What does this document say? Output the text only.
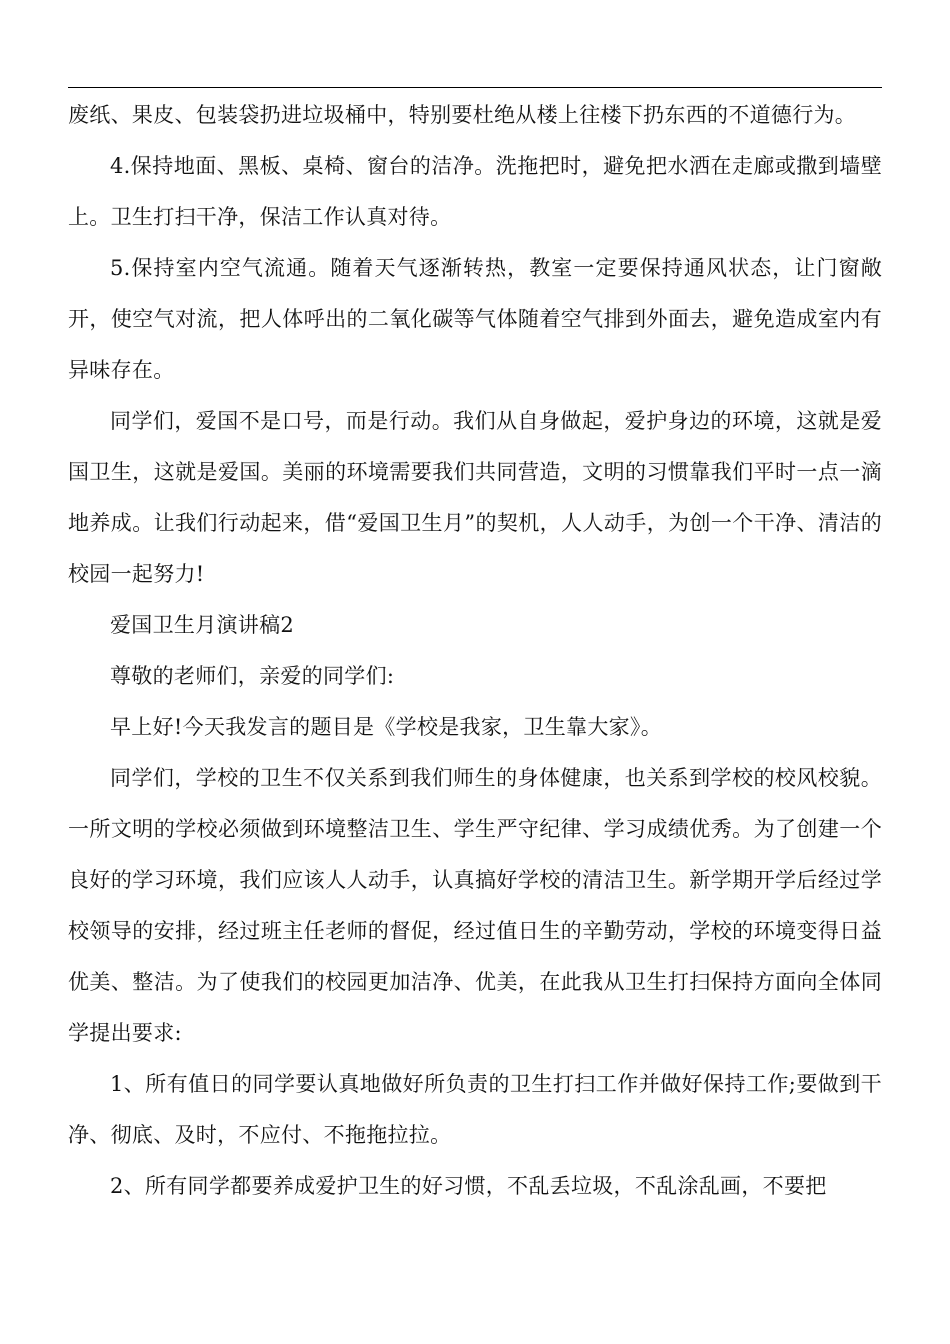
废纸、果皮、包装袋扔进垃圾桶中，特别要杜绝从楼上往楼下扔东西的不道德行为。

4.保持地面、黑板、桌椅、窗台的洁净。洗拖把时，避免把水洒在走廊或撒到墙壁上。卫生打扫干净，保洁工作认真对待。

5.保持室内空气流通。随着天气逐渐转热，教室一定要保持通风状态，让门窗敞开，使空气对流，把人体呼出的二氧化碳等气体随着空气排到外面去，避免造成室内有异味存在。

同学们，爱国不是口号，而是行动。我们从自身做起，爱护身边的环境，这就是爱国卫生，这就是爱国。美丽的环境需要我们共同营造，文明的习惯靠我们平时一点一滴地养成。让我们行动起来，借“爱国卫生月”的契机，人人动手，为创一个干净、清洁的校园一起努力!

爱国卫生月演讲稿2

尊敬的老师们，亲爱的同学们:

早上好!今天我发言的题目是《学校是我家，卫生靠大家》。

同学们，学校的卫生不仅关系到我们师生的身体健康，也关系到学校的校风校貌。一所文明的学校必须做到环境整洁卫生、学生严守纪律、学习成绩优秀。为了创建一个良好的学习环境，我们应该人人动手，认真搞好学校的清洁卫生。新学期开学后经过学校领导的安排，经过班主任老师的督促，经过值日生的辛勤劳动，学校的环境变得日益优美、整洁。为了使我们的校园更加洁净、优美，在此我从卫生打扫保持方面向全体同学提出要求:

1、所有值日的同学要认真地做好所负责的卫生打扫工作并做好保持工作;要做到干净、彻底、及时，不应付、不拖拖拉拉。

2、所有同学都要养成爱护卫生的好习惯，不乱丢垃圾，不乱涂乱画，不要把
